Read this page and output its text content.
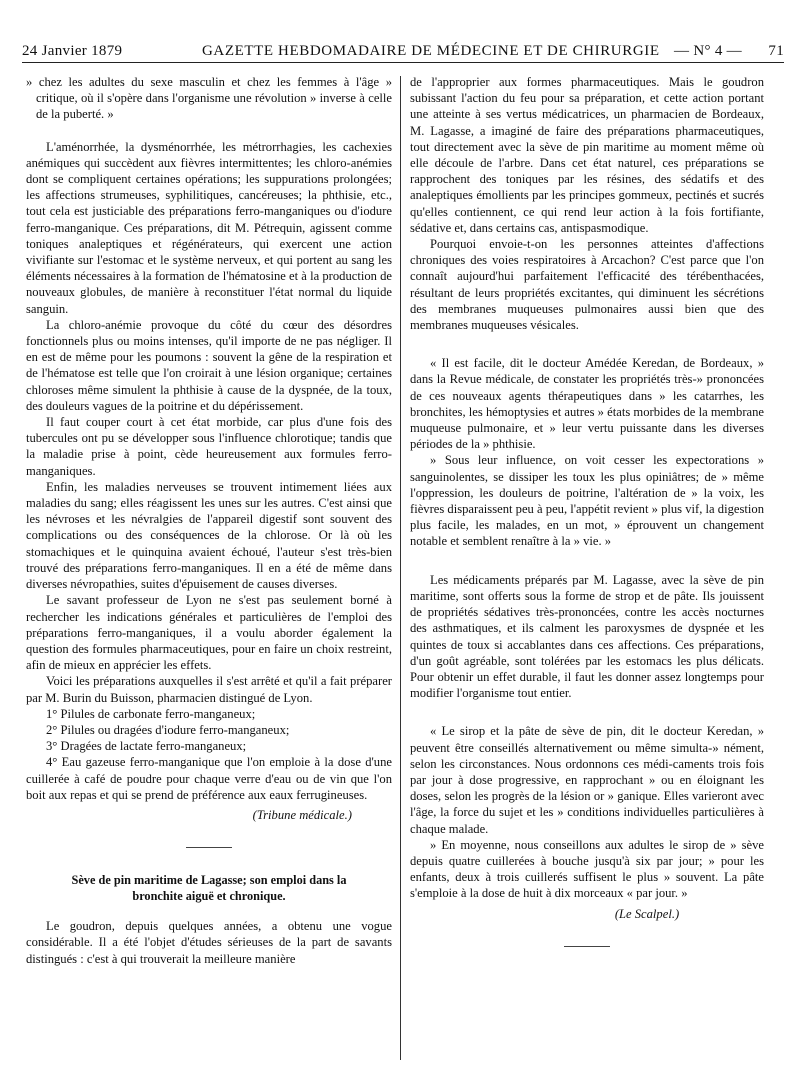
24 Janvier 1879	GAZETTE HEBDOMADAIRE DE MÉDECINE ET DE CHIRURGIE — N° 4 — 71

» chez les adultes du sexe masculin et chez les femmes à l'âge » critique, où il s'opère dans l'organisme une révolution » inverse à celle de la puberté. »

L'aménorrhée, la dysménorrhée, les métrorrhagies, les cachexies anémiques qui succèdent aux fièvres intermittentes; les chloro-anémies dont se compliquent certaines opérations; les suppurations prolongées; les affections strumeuses, syphilitiques, cancéreuses; la phthisie, etc., tout cela est justiciable des préparations ferro-manganiques ou d'iodure ferro-manganique. Ces préparations, dit M. Pétrequin, agissent comme toniques analeptiques et régénérateurs, qui exercent une action vivifiante sur l'estomac et le système nerveux, et qui portent au sang les éléments nécessaires à la formation de l'hématosine et à la production de nouveaux globules, de manière à reconstituer l'état normal du liquide sanguin.

La chloro-anémie provoque du côté du cœur des désordres fonctionnels plus ou moins intenses, qu'il importe de ne pas négliger. Il en est de même pour les poumons : souvent la gêne de la respiration et de l'hématose est telle que l'on croirait à une lésion organique; certaines chloroses même simulent la phthisie à cause de la dyspnée, de la toux, des douleurs vagues de la poitrine et du dépérissement.

Il faut couper court à cet état morbide, car plus d'une fois des tubercules ont pu se développer sous l'influence chlorotique; tandis que la maladie prise à point, cède heureusement aux formules ferro-manganiques.

Enfin, les maladies nerveuses se trouvent intimement liées aux maladies du sang; elles réagissent les unes sur les autres. C'est ainsi que les névroses et les névralgies de l'appareil digestif sont souvent des complications ou des conséquences de la chlorose. Or là où les stomachiques et le quinquina avaient échoué, l'auteur s'est très-bien trouvé des préparations ferro-manganiques. Il en a été de même dans diverses névropathies, suites d'épuisement de causes diverses.

Le savant professeur de Lyon ne s'est pas seulement borné à rechercher les indications générales et particulières de l'emploi des préparations ferro-manganiques, il a voulu aborder également la question des formules pharmaceutiques, pour en faire un choix restreint, afin de mieux en apprécier les effets.

Voici les préparations auxquelles il s'est arrêté et qu'il a fait préparer par M. Burin du Buisson, pharmacien distingué de Lyon.

1° Pilules de carbonate ferro-manganeux;

2° Pilules ou dragées d'iodure ferro-manganeux;

3° Dragées de lactate ferro-manganeux;

4° Eau gazeuse ferro-manganique que l'on emploie à la dose d'une cuillerée à café de poudre pour chaque verre d'eau ou de vin que l'on boit aux repas et qui se prend de préférence aux eaux ferrugineuses.

(Tribune médicale.)

Sève de pin maritime de Lagasse; son emploi dans la
bronchite aiguë et chronique.

Le goudron, depuis quelques années, a obtenu une vogue considérable. Il a été l'objet d'études sérieuses de la part de savants distingués : c'est à qui trouverait la meilleure manière

de l'approprier aux formes pharmaceutiques. Mais le goudron subissant l'action du feu pour sa préparation, et cette action portant une atteinte à ses vertus médicatrices, un pharmacien de Bordeaux, M. Lagasse, a imaginé de faire des préparations pharmaceutiques, tout directement avec la sève de pin maritime au moment même où elle découle de l'arbre. Dans cet état naturel, ces préparations se rapprochent des toniques par les résines, des sédatifs et des analeptiques émollients par les principes gommeux, pectinés et sucrés qu'elles contiennent, ce qui rend leur action à la fois fortifiante, sédative et, dans certains cas, antispasmodique.

Pourquoi envoie-t-on les personnes atteintes d'affections chroniques des voies respiratoires à Arcachon? C'est parce que l'on connaît aujourd'hui parfaitement l'efficacité des térébenthacées, résultant de leurs propriétés excitantes, qui diminuent les sécrétions des membranes muqueuses pulmonaires aussi bien que des membranes muqueuses vésicales.

« Il est facile, dit le docteur Amédée Keredan, de Bordeaux, » dans la Revue médicale, de constater les propriétés très-» prononcées de ces nouveaux agents thérapeutiques dans » les catarrhes, les bronchites, les hémoptysies et autres » états morbides de la membrane muqueuse pulmonaire, et » leur vertu puissante dans les diverses périodes de la » phthisie.

» Sous leur influence, on voit cesser les expectorations » sanguinolentes, se dissiper les toux les plus opiniâtres; de » même l'oppression, les douleurs de poitrine, l'altération de » la voix, les fièvres disparaissent peu à peu, l'appétit revient » plus vif, la digestion plus facile, les malades, en un mot, » éprouvent un changement notable et semblent renaître à la » vie. »

Les médicaments préparés par M. Lagasse, avec la sève de pin maritime, sont offerts sous la forme de strop et de pâte. Ils jouissent de propriétés sédatives très-prononcées, contre les accès nocturnes des asthmatiques, et ils calment les paroxysmes de dyspnée et les quintes de toux si accablantes dans ces affections. Ces préparations, d'un goût agréable, sont tolérées par les estomacs les plus délicats. Pour obtenir un effet durable, il faut les donner assez longtemps pour modifier l'organisme tout entier.

« Le sirop et la pâte de sève de pin, dit le docteur Keredan, » peuvent être conseillés alternativement ou même simulta-» nément, selon les circonstances. Nous ordonnons ces médi-caments trois fois par jour à dose progressive, en rapprochant » ou en éloignant les doses, selon les progrès de la lésion or » ganique. Elles varieront avec l'âge, la force du sujet et les » conditions individuelles particulières à chaque malade.

» En moyenne, nous conseillons aux adultes le sirop de » sève depuis quatre cuillerées à bouche jusqu'à six par jour; » pour les enfants, deux à trois cuillerés suffisent le plus » souvent. La pâte s'emploie à la dose de huit à dix morceaux « par jour. »

(Le Scalpel.)
